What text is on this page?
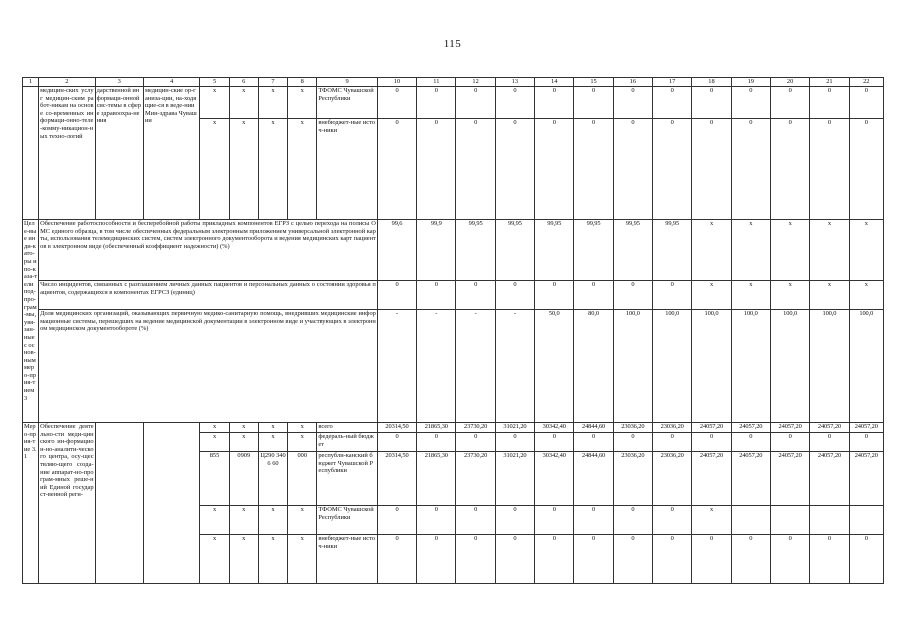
115
1	2	3	4	5	6	7	8	9	10	11	12	13	14	15	16	17	18	19	20	21	22
	медицин-ских услуг медицин-ским работ-никам на основе со-временных информаци-онно-теле-комму-никацион-ных техно-логий	дарственной информаци-онной сис-темы в сфере здравоохра-нения	медицин-ские ор-ганиза-ции, на-ходящие-ся в веде-нии Мин-здрава Чувашии	x	x	x	x	ТФОМС Чувашской Республики	0	0	0	0	0	0	0	0	0	0	0	0	0
				x	x	x	x	внебюджет-ные источ-ники	0	0	0	0	0	0	0	0	0	0	0	0	0
Целе-вые инди-като-ры и по-каза-тели под-про-грам-мы, увя-зан-ные с основ-ным меро-прия-тием 3	Обеспечение работоспособности и бесперебойной работы прикладных компонентов ЕГРЗ с целью перехода на полисы ОМС единого образца, в том числе обеспеченных федеральным электронным приложением универсальной электронной карты, использования телемедицинских систем, систем электронного документооборота и ведения медицинских карт пациентов в электронном виде (обеспеченный коэффициент надежности) (%)								99,6	99,9	99,95	99,95	99,95	99,95	99,95	99,95	x	x	x	x	x
	Число инцидентов, связанных с разглашением личных данных пациентов и персональных данных о состоянии здоровья пациентов, содержащихся в компонентах ЕГРСЗ (единиц)								0	0	0	0	0	0	0	0	x	x	x	x	x
	Доля медицинских организаций, оказывающих первичную медико-санитарную помощь, внедривших медицинские информационные системы, перешедших на ведение медицинской документации в электронном виде и участвующих в электронном медицинском документообороте (%)								-	-	-	-	50,0	80,0	100,0	100,0	100,0	100,0	100,0	100,0	100,0
Меро-прия-тие 3.1	Обеспечение деятельно-сти меди-цинского ин-формацион-но-аналити-ческого центра, осу-ществляю-щего созда-ние аппарат-но-програм-мных реше-ний Единой государст-венной реги-			x	x	x	x	всего	20314,50	21865,30	23730,20	31021,20	30342,40	24844,60	23036,20	23036,20	24057,20	24057,20	24057,20	24057,20	24057,20
				x	x	x	x	федераль-ный бюджет	0	0	0	0	0	0	0	0	0	0	0	0	0
				855	0909	Ц290 3406 60	000	республи-канский бюджет Чувашской Республики	20314,50	21865,30	23730,20	31021,20	30342,40	24844,60	23036,20	23036,20	24057,20	24057,20	24057,20	24057,20	24057,20
				x	x	x	x	ТФОМС Чувашской Республики	0	0	0	0	0	0	0	0	x				
				x	x	x	x	внебюджет-ные источ-ники	0	0	0	0	0	0	0	0	0	0	0	0	0
